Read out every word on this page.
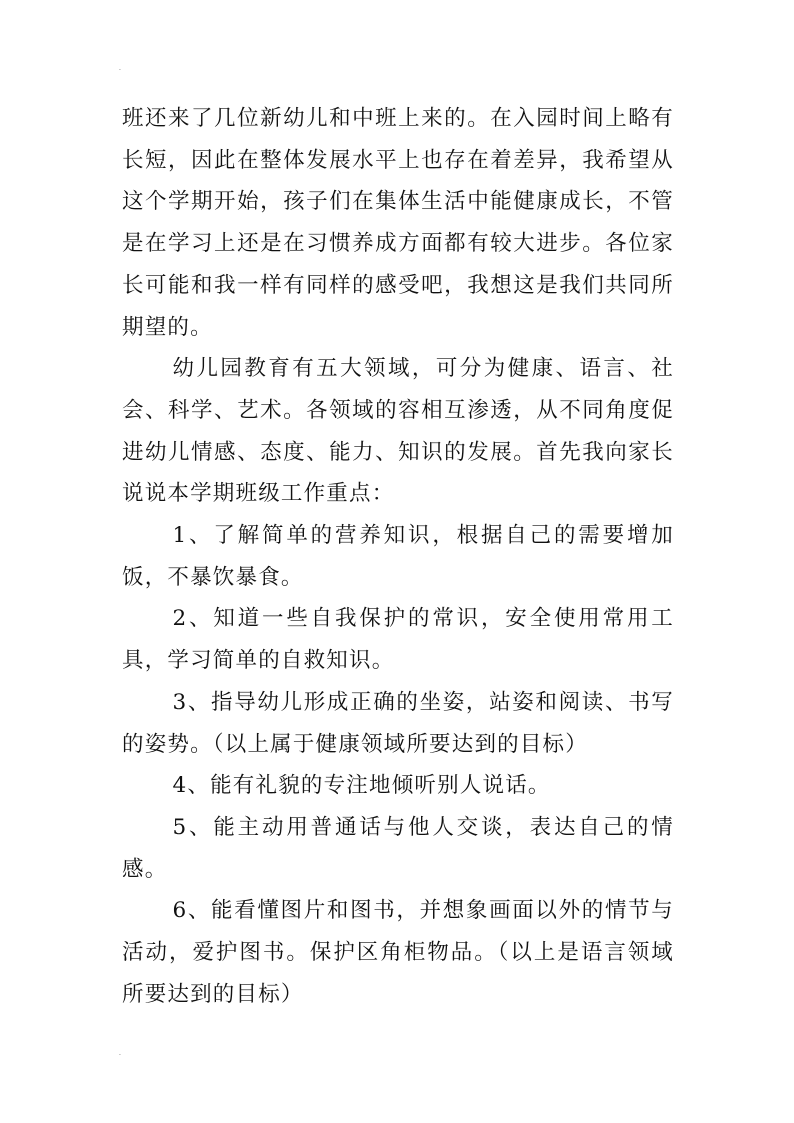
.

班还来了几位新幼儿和中班上来的。在入园时间上略有长短，因此在整体发展水平上也存在着差异，我希望从这个学期开始，孩子们在集体生活中能健康成长，不管是在学习上还是在习惯养成方面都有较大进步。各位家长可能和我一样有同样的感受吧，我想这是我们共同所期望的。

幼儿园教育有五大领域，可分为健康、语言、社会、科学、艺术。各领域的容相互渗透，从不同角度促进幼儿情感、态度、能力、知识的发展。首先我向家长说说本学期班级工作重点：

1、了解简单的营养知识，根据自己的需要增加饭，不暴饮暴食。

2、知道一些自我保护的常识，安全使用常用工具，学习简单的自救知识。

3、指导幼儿形成正确的坐姿，站姿和阅读、书写的姿势。（以上属于健康领域所要达到的目标）

4、能有礼貌的专注地倾听别人说话。

5、能主动用普通话与他人交谈，表达自己的情感。

6、能看懂图片和图书，并想象画面以外的情节与活动，爱护图书。保护区角柜物品。（以上是语言领域所要达到的目标）

.
